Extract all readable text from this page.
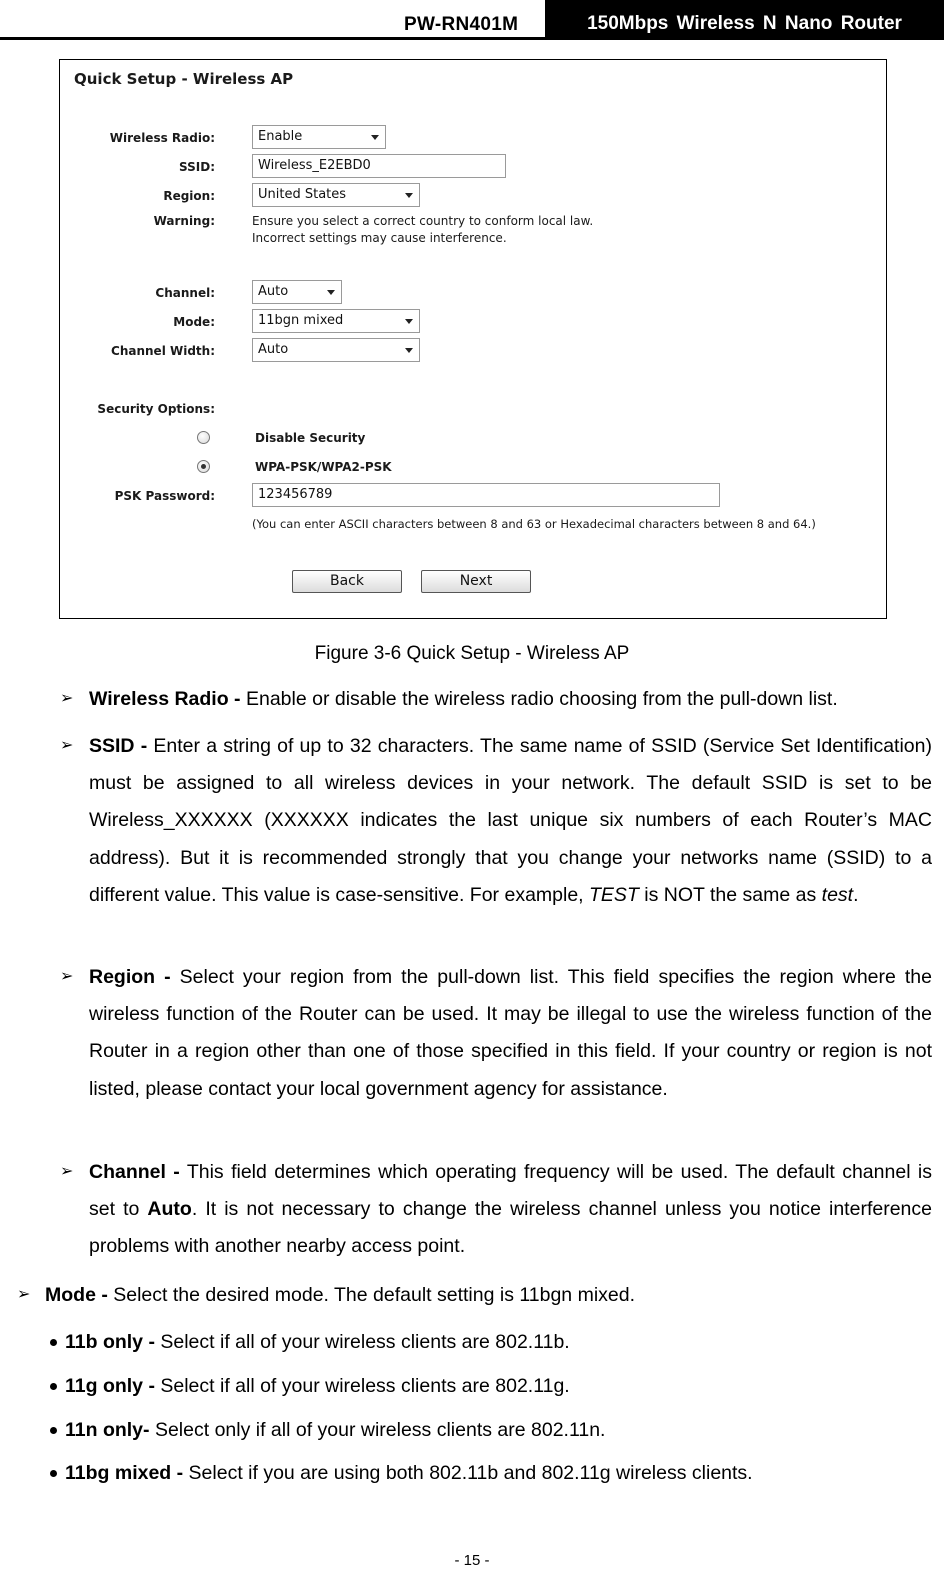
PW-RN401M	150Mbps Wireless N Nano Router
Quick Setup - Wireless AP
Wireless Radio:	Enable
SSID:	Wireless_E2EBD0
Region:	United States
Warning:	Ensure you select a correct country to conform local law.
Incorrect settings may cause interference.
Channel:	Auto
Mode:	11bgn mixed
Channel Width:	Auto
Security Options:
Disable Security
WPA-PSK/WPA2-PSK
PSK Password:	123456789
(You can enter ASCII characters between 8 and 63 or Hexadecimal characters between 8 and 64.)
Back	Next
Figure 3-6 Quick Setup - Wireless AP
➢ Wireless Radio - Enable or disable the wireless radio choosing from the pull-down list.
➢ SSID - Enter a string of up to 32 characters. The same name of SSID (Service Set Identification) must be assigned to all wireless devices in your network. The default SSID is set to be Wireless_XXXXXX (XXXXXX indicates the last unique six numbers of each Router’s MAC address). But it is recommended strongly that you change your networks name (SSID) to a different value. This value is case-sensitive. For example, TEST is NOT the same as test.
➢ Region - Select your region from the pull-down list. This field specifies the region where the wireless function of the Router can be used. It may be illegal to use the wireless function of the Router in a region other than one of those specified in this field. If your country or region is not listed, please contact your local government agency for assistance.
➢ Channel - This field determines which operating frequency will be used. The default channel is set to Auto. It is not necessary to change the wireless channel unless you notice interference problems with another nearby access point.
➢ Mode - Select the desired mode. The default setting is 11bgn mixed.
11b only - Select if all of your wireless clients are 802.11b.
11g only - Select if all of your wireless clients are 802.11g.
11n only- Select only if all of your wireless clients are 802.11n.
11bg mixed - Select if you are using both 802.11b and 802.11g wireless clients.
- 15 -
